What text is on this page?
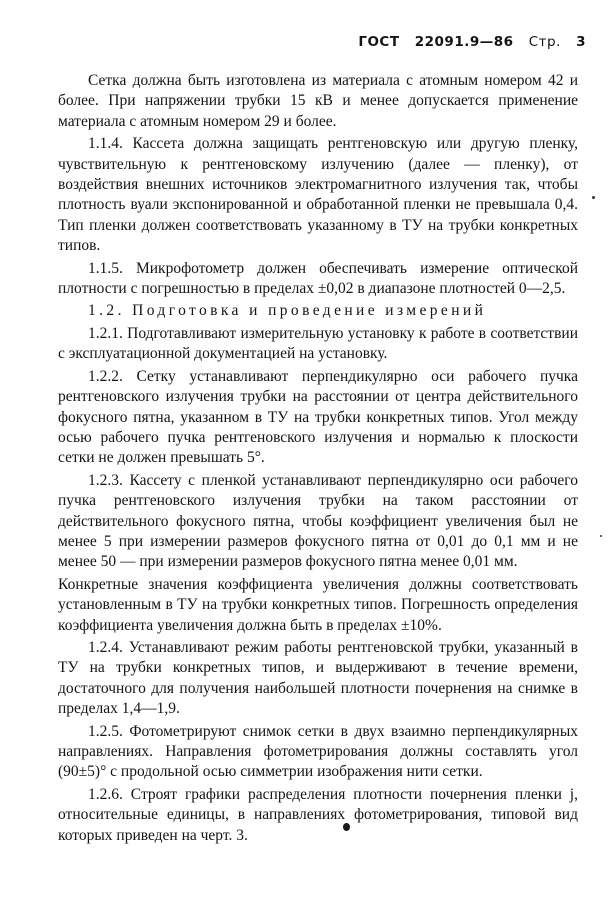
ГОСТ 22091.9—86 Стр. 3

Сетка должна быть изготовлена из материала с атомным номером 42 и более. При напряжении трубки 15 кВ и менее допускается применение материала с атомным номером 29 и более.

1.1.4. Кассета должна защищать рентгеновскую или другую пленку, чувствительную к рентгеновскому излучению (далее — пленку), от воздействия внешних источников электромагнитного излучения так, чтобы плотность вуали экспонированной и обработанной пленки не превышала 0,4. Тип пленки должен соответствовать указанному в ТУ на трубки конкретных типов.

1.1.5. Микрофотометр должен обеспечивать измерение оптической плотности с погрешностью в пределах ±0,02 в диапазоне плотностей 0—2,5.

1.2. Подготовка и проведение измерений

1.2.1. Подготавливают измерительную установку к работе в соответствии с эксплуатационной документацией на установку.

1.2.2. Сетку устанавливают перпендикулярно оси рабочего пучка рентгеновского излучения трубки на расстоянии от центра действительного фокусного пятна, указанном в ТУ на трубки конкретных типов. Угол между осью рабочего пучка рентгеновского излучения и нормалью к плоскости сетки не должен превышать 5°.

1.2.3. Кассету с пленкой устанавливают перпендикулярно оси рабочего пучка рентгеновского излучения трубки на таком расстоянии от действительного фокусного пятна, чтобы коэффициент увеличения был не менее 5 при измерении размеров фокусного пятна от 0,01 до 0,1 мм и не менее 50 — при измерении размеров фокусного пятна менее 0,01 мм.

Конкретные значения коэффициента увеличения должны соответствовать установленным в ТУ на трубки конкретных типов. Погрешность определения коэффициента увеличения должна быть в пределах ±10%.

1.2.4. Устанавливают режим работы рентгеновской трубки, указанный в ТУ на трубки конкретных типов, и выдерживают в течение времени, достаточного для получения наибольшей плотности почернения на снимке в пределах 1,4—1,9.

1.2.5. Фотометрируют снимок сетки в двух взаимно перпендикулярных направлениях. Направления фотометрирования должны составлять угол (90±5)° с продольной осью симметрии изображения нити сетки.

1.2.6. Строят графики распределения плотности почернения пленки j, относительные единицы, в направлениях фотометрирования, типовой вид которых приведен на черт. 3.
